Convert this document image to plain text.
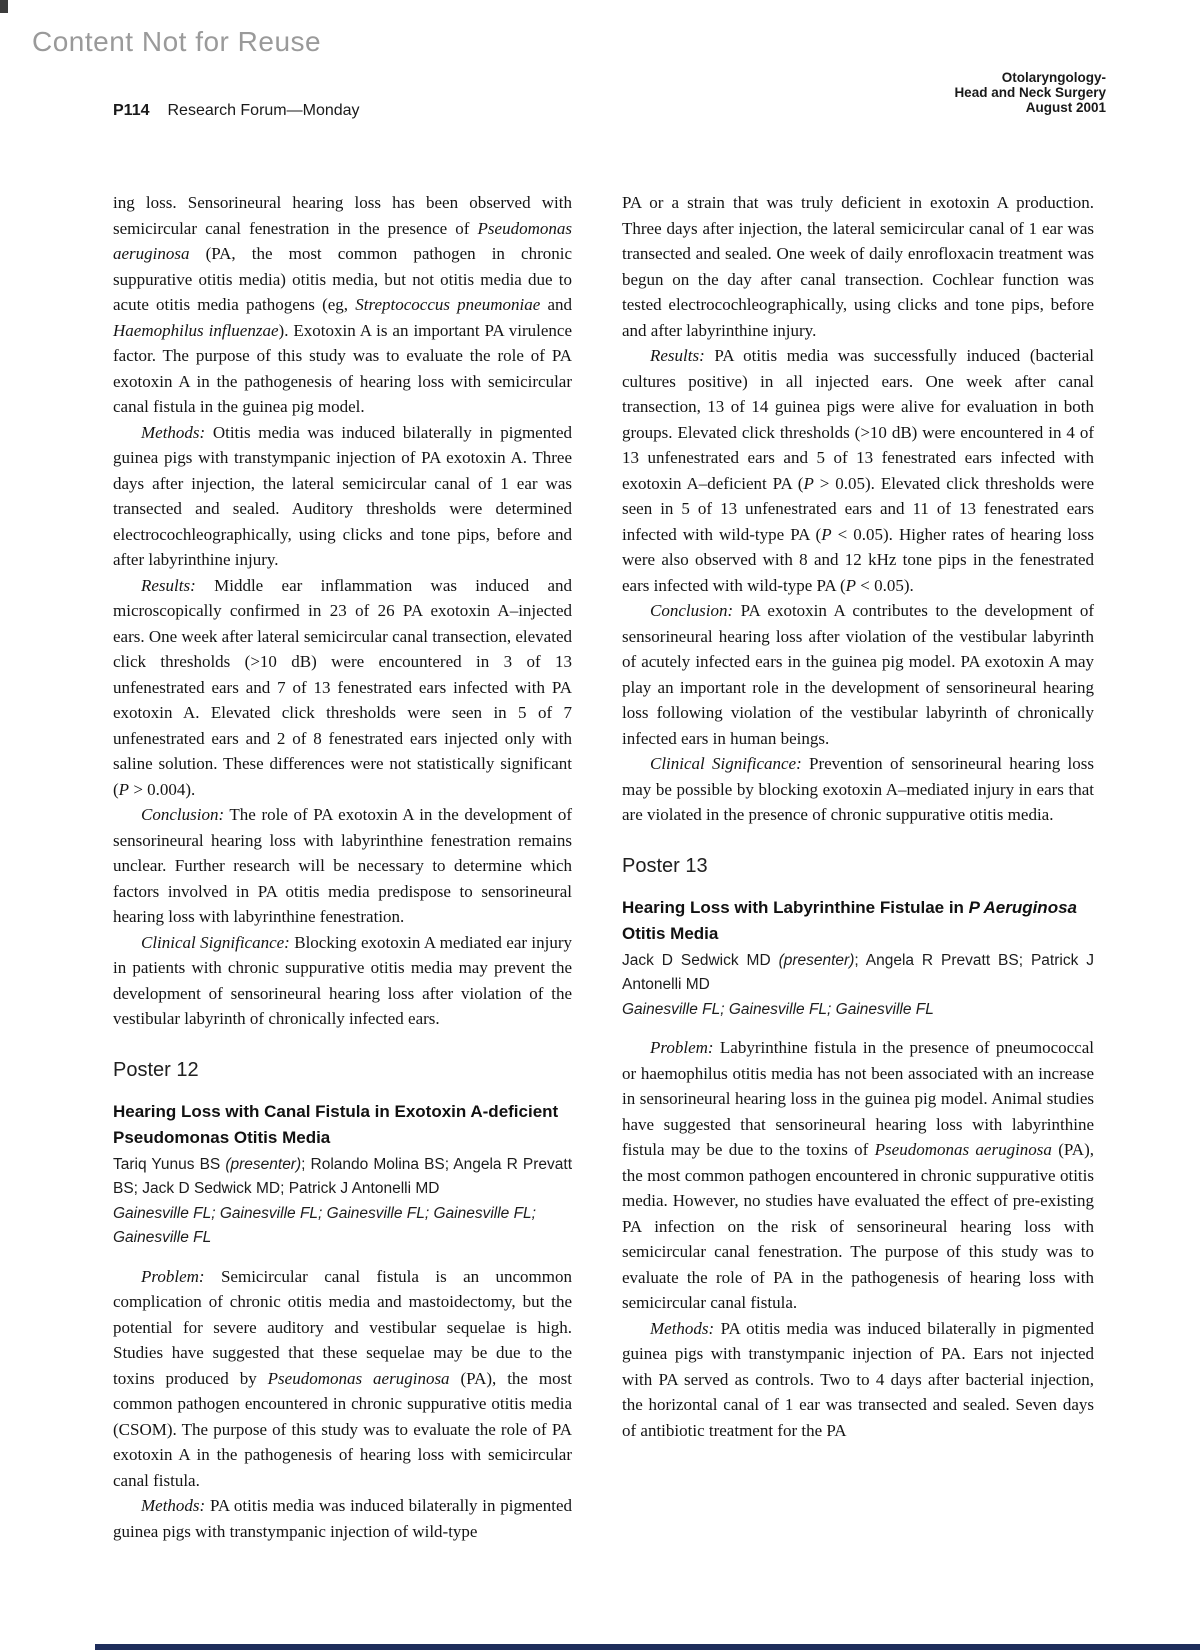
Content Not for Reuse
P114 Research Forum—Monday
Otolaryngology-
Head and Neck Surgery
August 2001
ing loss. Sensorineural hearing loss has been observed with semicircular canal fenestration in the presence of Pseudomonas aeruginosa (PA, the most common pathogen in chronic suppurative otitis media) otitis media, but not otitis media due to acute otitis media pathogens (eg, Streptococcus pneumoniae and Haemophilus influenzae). Exotoxin A is an important PA virulence factor. The purpose of this study was to evaluate the role of PA exotoxin A in the pathogenesis of hearing loss with semicircular canal fistula in the guinea pig model.
Methods: Otitis media was induced bilaterally in pigmented guinea pigs with transtympanic injection of PA exotoxin A. Three days after injection, the lateral semicircular canal of 1 ear was transected and sealed. Auditory thresholds were determined electrocochleographically, using clicks and tone pips, before and after labyrinthine injury.
Results: Middle ear inflammation was induced and microscopically confirmed in 23 of 26 PA exotoxin A–injected ears. One week after lateral semicircular canal transection, elevated click thresholds (>10 dB) were encountered in 3 of 13 unfenestrated ears and 7 of 13 fenestrated ears infected with PA exotoxin A. Elevated click thresholds were seen in 5 of 7 unfenestrated ears and 2 of 8 fenestrated ears injected only with saline solution. These differences were not statistically significant (P > 0.004).
Conclusion: The role of PA exotoxin A in the development of sensorineural hearing loss with labyrinthine fenestration remains unclear. Further research will be necessary to determine which factors involved in PA otitis media predispose to sensorineural hearing loss with labyrinthine fenestration.
Clinical Significance: Blocking exotoxin A mediated ear injury in patients with chronic suppurative otitis media may prevent the development of sensorineural hearing loss after violation of the vestibular labyrinth of chronically infected ears.
Poster 12
Hearing Loss with Canal Fistula in Exotoxin A-deficient Pseudomonas Otitis Media
Tariq Yunus BS (presenter); Rolando Molina BS; Angela R Prevatt BS; Jack D Sedwick MD; Patrick J Antonelli MD
Gainesville FL; Gainesville FL; Gainesville FL; Gainesville FL; Gainesville FL
Problem: Semicircular canal fistula is an uncommon complication of chronic otitis media and mastoidectomy, but the potential for severe auditory and vestibular sequelae is high. Studies have suggested that these sequelae may be due to the toxins produced by Pseudomonas aeruginosa (PA), the most common pathogen encountered in chronic suppurative otitis media (CSOM). The purpose of this study was to evaluate the role of PA exotoxin A in the pathogenesis of hearing loss with semicircular canal fistula.
Methods: PA otitis media was induced bilaterally in pigmented guinea pigs with transtympanic injection of wild-type
PA or a strain that was truly deficient in exotoxin A production. Three days after injection, the lateral semicircular canal of 1 ear was transected and sealed. One week of daily enrofloxacin treatment was begun on the day after canal transection. Cochlear function was tested electrocochleographically, using clicks and tone pips, before and after labyrinthine injury.
Results: PA otitis media was successfully induced (bacterial cultures positive) in all injected ears. One week after canal transection, 13 of 14 guinea pigs were alive for evaluation in both groups. Elevated click thresholds (>10 dB) were encountered in 4 of 13 unfenestrated ears and 5 of 13 fenestrated ears infected with exotoxin A–deficient PA (P > 0.05). Elevated click thresholds were seen in 5 of 13 unfenestrated ears and 11 of 13 fenestrated ears infected with wild-type PA (P < 0.05). Higher rates of hearing loss were also observed with 8 and 12 kHz tone pips in the fenestrated ears infected with wild-type PA (P < 0.05).
Conclusion: PA exotoxin A contributes to the development of sensorineural hearing loss after violation of the vestibular labyrinth of acutely infected ears in the guinea pig model. PA exotoxin A may play an important role in the development of sensorineural hearing loss following violation of the vestibular labyrinth of chronically infected ears in human beings.
Clinical Significance: Prevention of sensorineural hearing loss may be possible by blocking exotoxin A–mediated injury in ears that are violated in the presence of chronic suppurative otitis media.
Poster 13
Hearing Loss with Labyrinthine Fistulae in P Aeruginosa Otitis Media
Jack D Sedwick MD (presenter); Angela R Prevatt BS; Patrick J Antonelli MD
Gainesville FL; Gainesville FL; Gainesville FL
Problem: Labyrinthine fistula in the presence of pneumococcal or haemophilus otitis media has not been associated with an increase in sensorineural hearing loss in the guinea pig model. Animal studies have suggested that sensorineural hearing loss with labyrinthine fistula may be due to the toxins of Pseudomonas aeruginosa (PA), the most common pathogen encountered in chronic suppurative otitis media. However, no studies have evaluated the effect of pre-existing PA infection on the risk of sensorineural hearing loss with semicircular canal fenestration. The purpose of this study was to evaluate the role of PA in the pathogenesis of hearing loss with semicircular canal fistula.
Methods: PA otitis media was induced bilaterally in pigmented guinea pigs with transtympanic injection of PA. Ears not injected with PA served as controls. Two to 4 days after bacterial injection, the horizontal canal of 1 ear was transected and sealed. Seven days of antibiotic treatment for the PA
